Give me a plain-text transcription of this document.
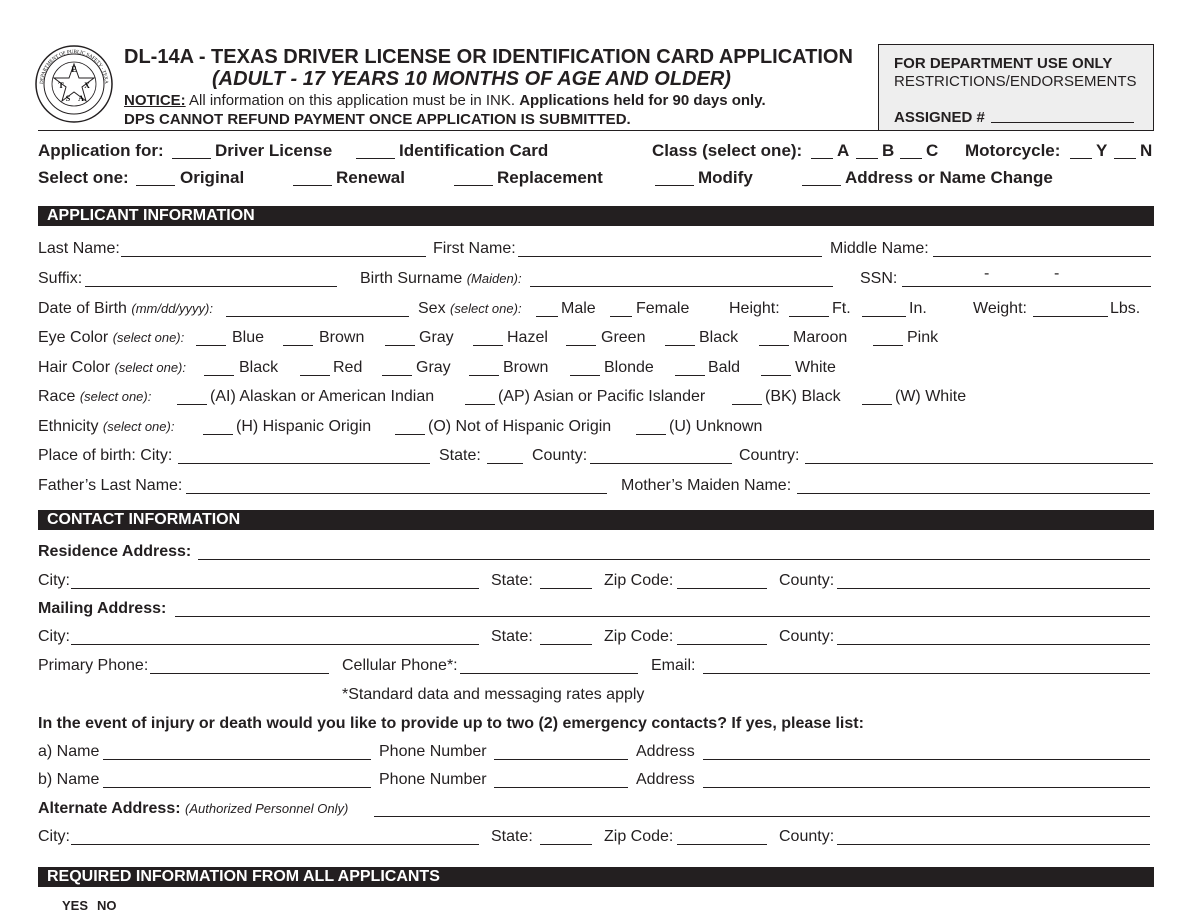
E
T	X
S A
DEPARTMENT OF PUBLIC SAFETY · TEXA
DL-14A - TEXAS DRIVER LICENSE OR IDENTIFICATION CARD APPLICATION
(ADULT - 17 YEARS 10 MONTHS OF AGE AND OLDER)
NOTICE: All information on this application must be in INK. Applications held for 90 days only.
DPS CANNOT REFUND PAYMENT ONCE APPLICATION IS SUBMITTED.
FOR DEPARTMENT USE ONLY
RESTRICTIONS/ENDORSEMENTS
ASSIGNED #
Application for:	Driver License	Identification Card	Class (select one): A B C Motorcycle: Y N
Select one:	Original	Renewal	Replacement	Modify	Address or Name Change
APPLICANT INFORMATION
Last Name:	First Name:	Middle Name:
Suffix:	Birth Surname (Maiden):	SSN:	-	-
Date of Birth (mm/dd/yyyy):	Sex (select one): Male	Female Height:	Ft.	In.	Weight:	Lbs.
Eye Color (select one):	Blue	Brown	Gray	Hazel	Green	Black	Maroon	Pink
Hair Color (select one):	Black	Red	Gray	Brown	Blonde	Bald	White
Race (select one):	(AI) Alaskan or American Indian	(AP) Asian or Pacific Islander	(BK) Black	(W) White
Ethnicity (select one):	(H) Hispanic Origin	(O) Not of Hispanic Origin	(U) Unknown
Place of birth: City:	State:	County:	Country:
Father’s Last Name:	Mother’s Maiden Name:
CONTACT INFORMATION
Residence Address:
City:	State:	Zip Code:	County:
Mailing Address:
City:	State:	Zip Code:	County:
Primary Phone:	Cellular Phone*:	Email:
*Standard data and messaging rates apply
In the event of injury or death would you like to provide up to two (2) emergency contacts? If yes, please list:
a) Name	Phone Number	Address
b) Name	Phone Number	Address
Alternate Address: (Authorized Personnel Only)
City:	State:	Zip Code:	County:
REQUIRED INFORMATION FROM ALL APPLICANTS
YES NO
